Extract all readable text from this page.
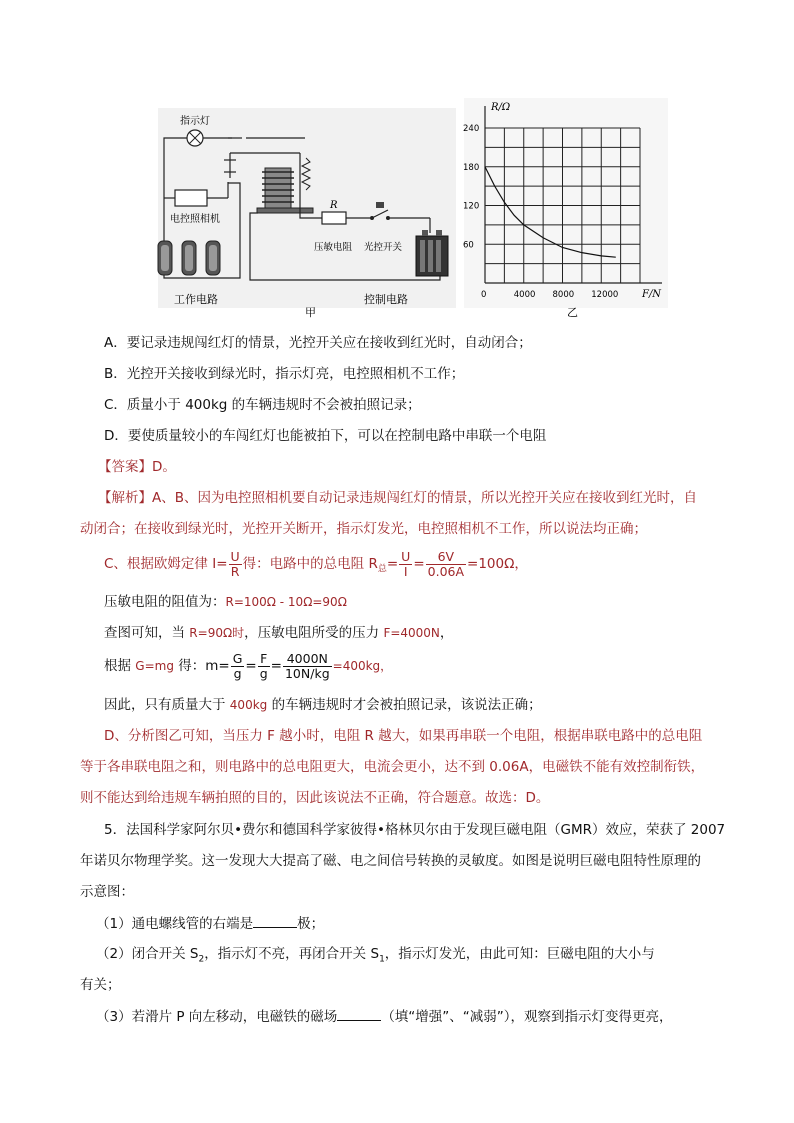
指示灯
电控照相机
R
压敏电阻 光控开关
工作电路	控制电路
甲
60
120
180
240
4000 8000 12000
0
R/Ω
F/N
乙
A．要记录违规闯红灯的情景，光控开关应在接收到红光时，自动闭合；
B．光控开关接收到绿光时，指示灯亮，电控照相机不工作；
C．质量小于 400kg 的车辆违规时不会被拍照记录；
D．要使质量较小的车闯红灯也能被拍下，可以在控制电路中串联一个电阻
【答案】D。
【解析】A、B、因为电控照相机要自动记录违规闯红灯的情景，所以光控开关应在接收到红光时，自
动闭合；在接收到绿光时，光控开关断开，指示灯发光，电控照相机不工作，所以说法均正确；
C、根据欧姆定律 $I= \frac{U}{R}$ 得：电路中的总电阻 $R_总= \frac{U}{I} = \frac{6V}{0.06A} =100\Omega$，
压敏电阻的阻值为：R=100Ω - 10Ω=90Ω
查图可知，当 R=90Ω时，压敏电阻所受的压力 F=4000N，
根据 G=mg 得：$m= \frac{G}{g} = \frac{F}{g} = \frac{4000N}{10N/kg} =400kg$，
因此，只有质量大于 400kg 的车辆违规时才会被拍照记录，该说法正确；
D、分析图乙可知，当压力 F 越小时，电阻 R 越大，如果再串联一个电阻，根据串联电路中的总电阻
等于各串联电阻之和，则电路中的总电阻更大，电流会更小，达不到 0.06A，电磁铁不能有效控制衔铁，
则不能达到给违规车辆拍照的目的，因此该说法不正确，符合题意。故选：D。
5．法国科学家阿尔贝•费尔和德国科学家彼得•格林贝尔由于发现巨磁电阻（GMR）效应，荣获了 2007
年诺贝尔物理学奖。这一发现大大提高了磁、电之间信号转换的灵敏度。如图是说明巨磁电阻特性原理的
示意图：
（1）通电螺线管的右端是	极；
（2）闭合开关 $S_2$，指示灯不亮，再闭合开关 $S_1$，指示灯发光，由此可知：巨磁电阻的大小与
有关；
（3）若滑片 P 向左移动，电磁铁的磁场	（填“增强”、“减弱”），观察到指示灯变得更亮，
